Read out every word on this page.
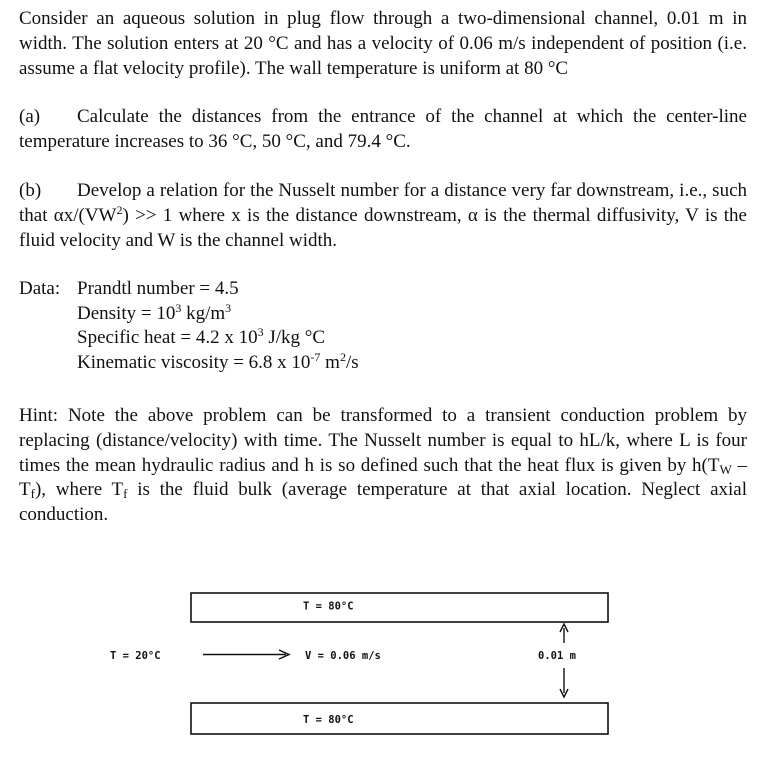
Consider an aqueous solution in plug flow through a two-dimensional channel, 0.01 m in width. The solution enters at 20 °C and has a velocity of 0.06 m/s independent of position (i.e. assume a flat velocity profile). The wall temperature is uniform at 80 °C

(a) Calculate the distances from the entrance of the channel at which the center-line temperature increases to 36 °C, 50 °C, and 79.4 °C.

(b) Develop a relation for the Nusselt number for a distance very far downstream, i.e., such that $\alpha x/(VW^2) >> 1$ where x is the distance downstream, α is the thermal diffusivity, V is the fluid velocity and W is the channel width.

Data: Prandtl number = 4.5
Density = $10^3$ $kg/m^3$
Specific heat = 4.2 x $10^3$ J/kg °C
Kinematic viscosity = 6.8 x $10^{-7}$ $m^2/s$

Hint: Note the above problem can be transformed to a transient conduction problem by replacing (distance/velocity) with time. The Nusselt number is equal to hL/k, where L is four times the mean hydraulic radius and h is so defined such that the heat flux is given by $h(T_W - T_f)$, where $T_f$ is the fluid bulk (average temperature at that axial location. Neglect axial conduction.

T = 80°C
T = 80°C
T = 20°C	V = 0.06 m/s	0.01 m
